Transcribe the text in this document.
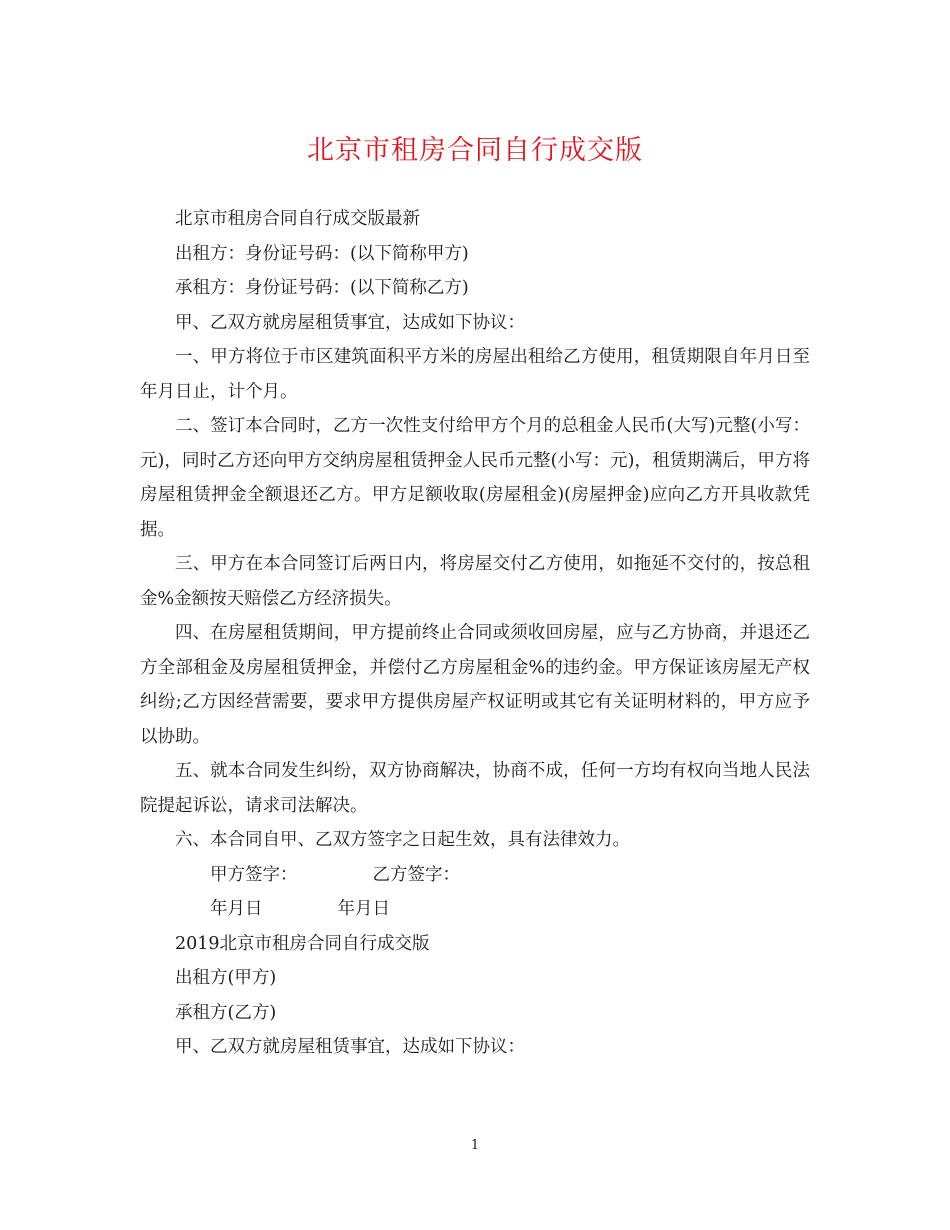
北京市租房合同自行成交版

北京市租房合同自行成交版最新

出租方：身份证号码：(以下简称甲方)

承租方：身份证号码：(以下简称乙方)

甲、乙双方就房屋租赁事宜，达成如下协议：

一、甲方将位于市区建筑面积平方米的房屋出租给乙方使用，租赁期限自年月日至年月日止，计个月。

二、签订本合同时，乙方一次性支付给甲方个月的总租金人民币(大写)元整(小写：元)，同时乙方还向甲方交纳房屋租赁押金人民币元整(小写：元)，租赁期满后，甲方将房屋租赁押金全额退还乙方。甲方足额收取(房屋租金)(房屋押金)应向乙方开具收款凭据。

三、甲方在本合同签订后两日内，将房屋交付乙方使用，如拖延不交付的，按总租金%金额按天赔偿乙方经济损失。

四、在房屋租赁期间，甲方提前终止合同或须收回房屋，应与乙方协商，并退还乙方全部租金及房屋租赁押金，并偿付乙方房屋租金%的违约金。甲方保证该房屋无产权纠纷;乙方因经营需要，要求甲方提供房屋产权证明或其它有关证明材料的，甲方应予以协助。

五、就本合同发生纠纷，双方协商解决，协商不成，任何一方均有权向当地人民法院提起诉讼，请求司法解决。

六、本合同自甲、乙双方签字之日起生效，具有法律效力。

甲方签字：	乙方签字：

年月日	年月日

2019北京市租房合同自行成交版

出租方(甲方)

承租方(乙方)

甲、乙双方就房屋租赁事宜，达成如下协议：

1
